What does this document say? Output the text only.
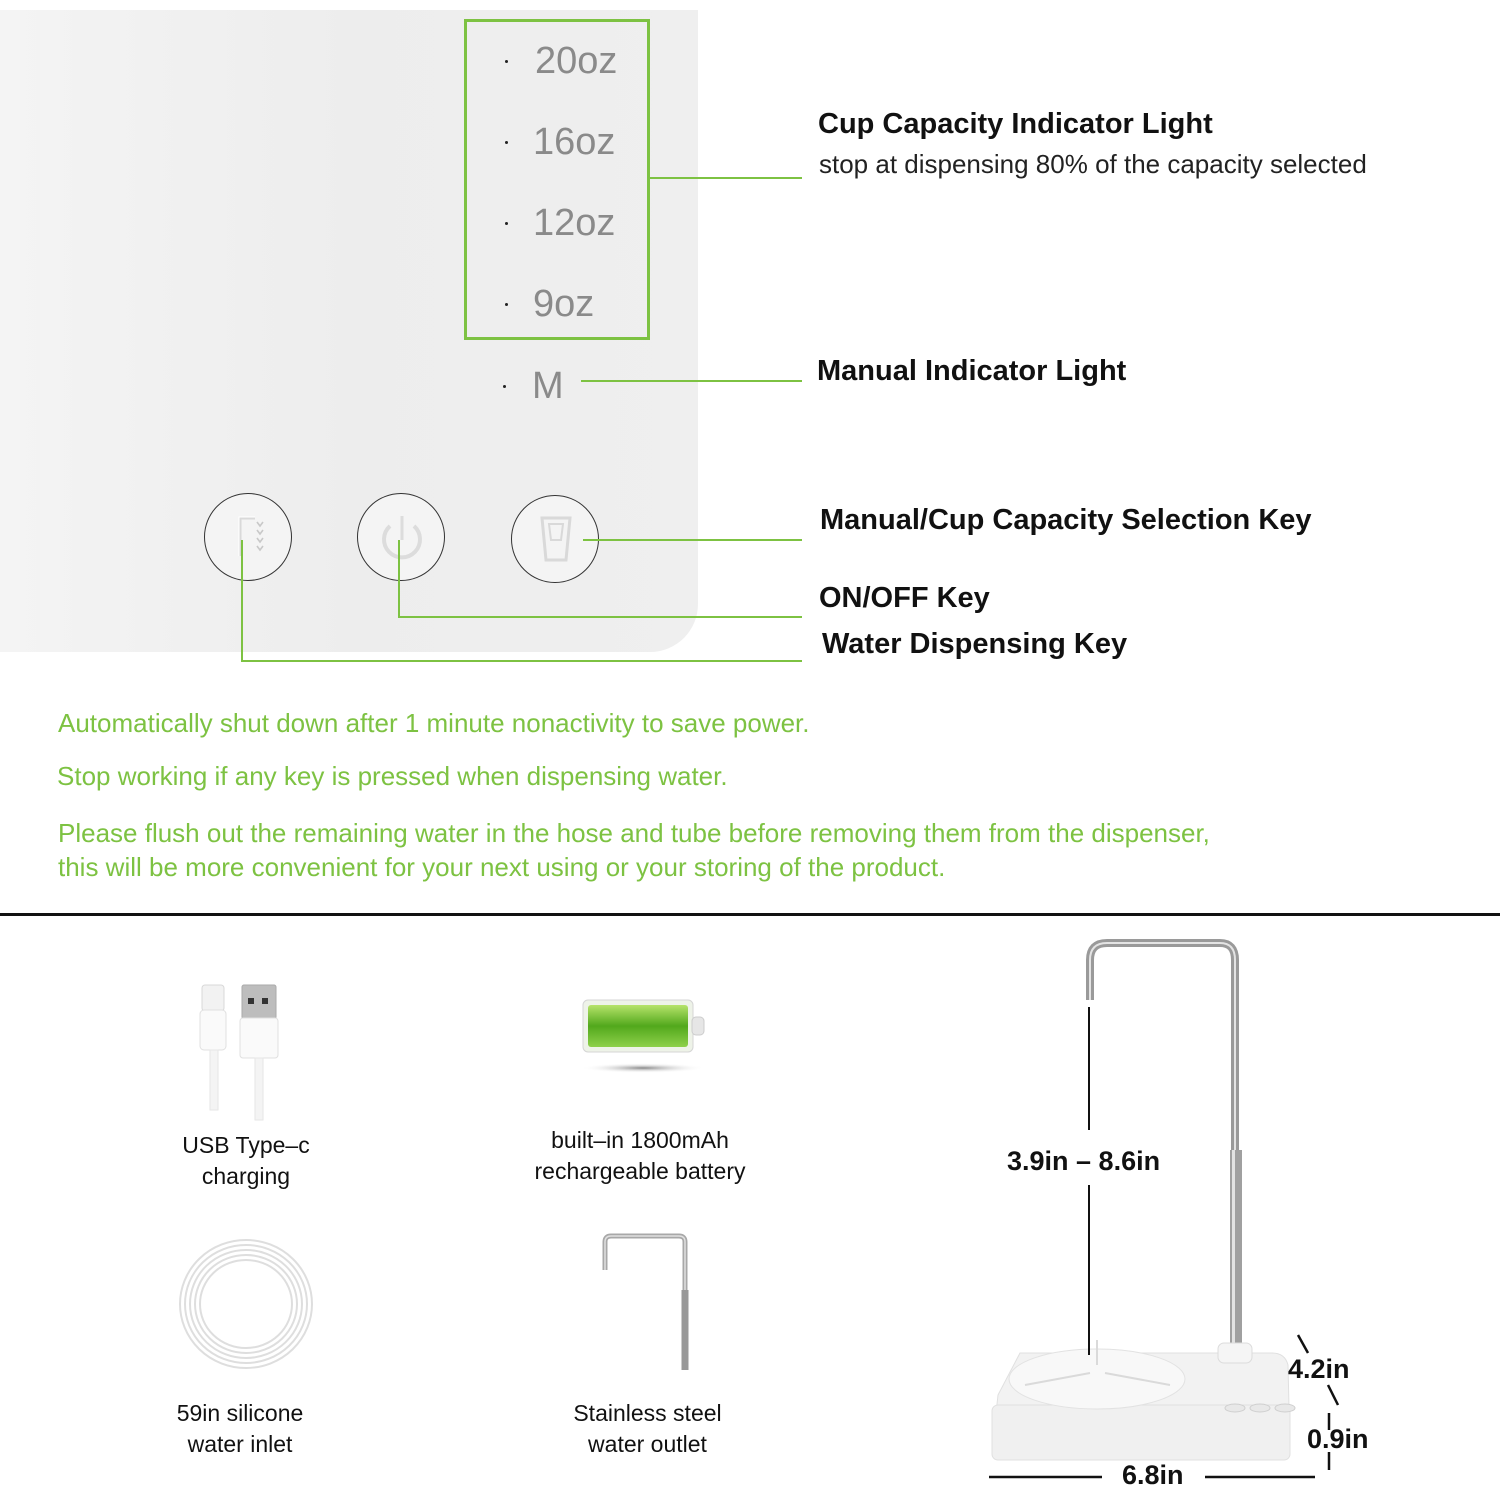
20oz
16oz
12oz
9oz
M
Cup Capacity Indicator Light
stop at dispensing 80% of the capacity selected
Manual Indicator Light
Manual/Cup Capacity Selection Key
ON/OFF Key
Water Dispensing Key
Automatically shut down after 1 minute nonactivity to save power.
Stop working if any key is pressed when dispensing water.
Please flush out the remaining water in the hose and tube before removing them from the dispenser,
this will be more convenient for your next using or your storing of the product.
USB Type–c
charging
built–in 1800mAh
rechargeable battery
59in silicone
water inlet
Stainless steel
water outlet
3.9in – 8.6in
4.2in
0.9in
6.8in
